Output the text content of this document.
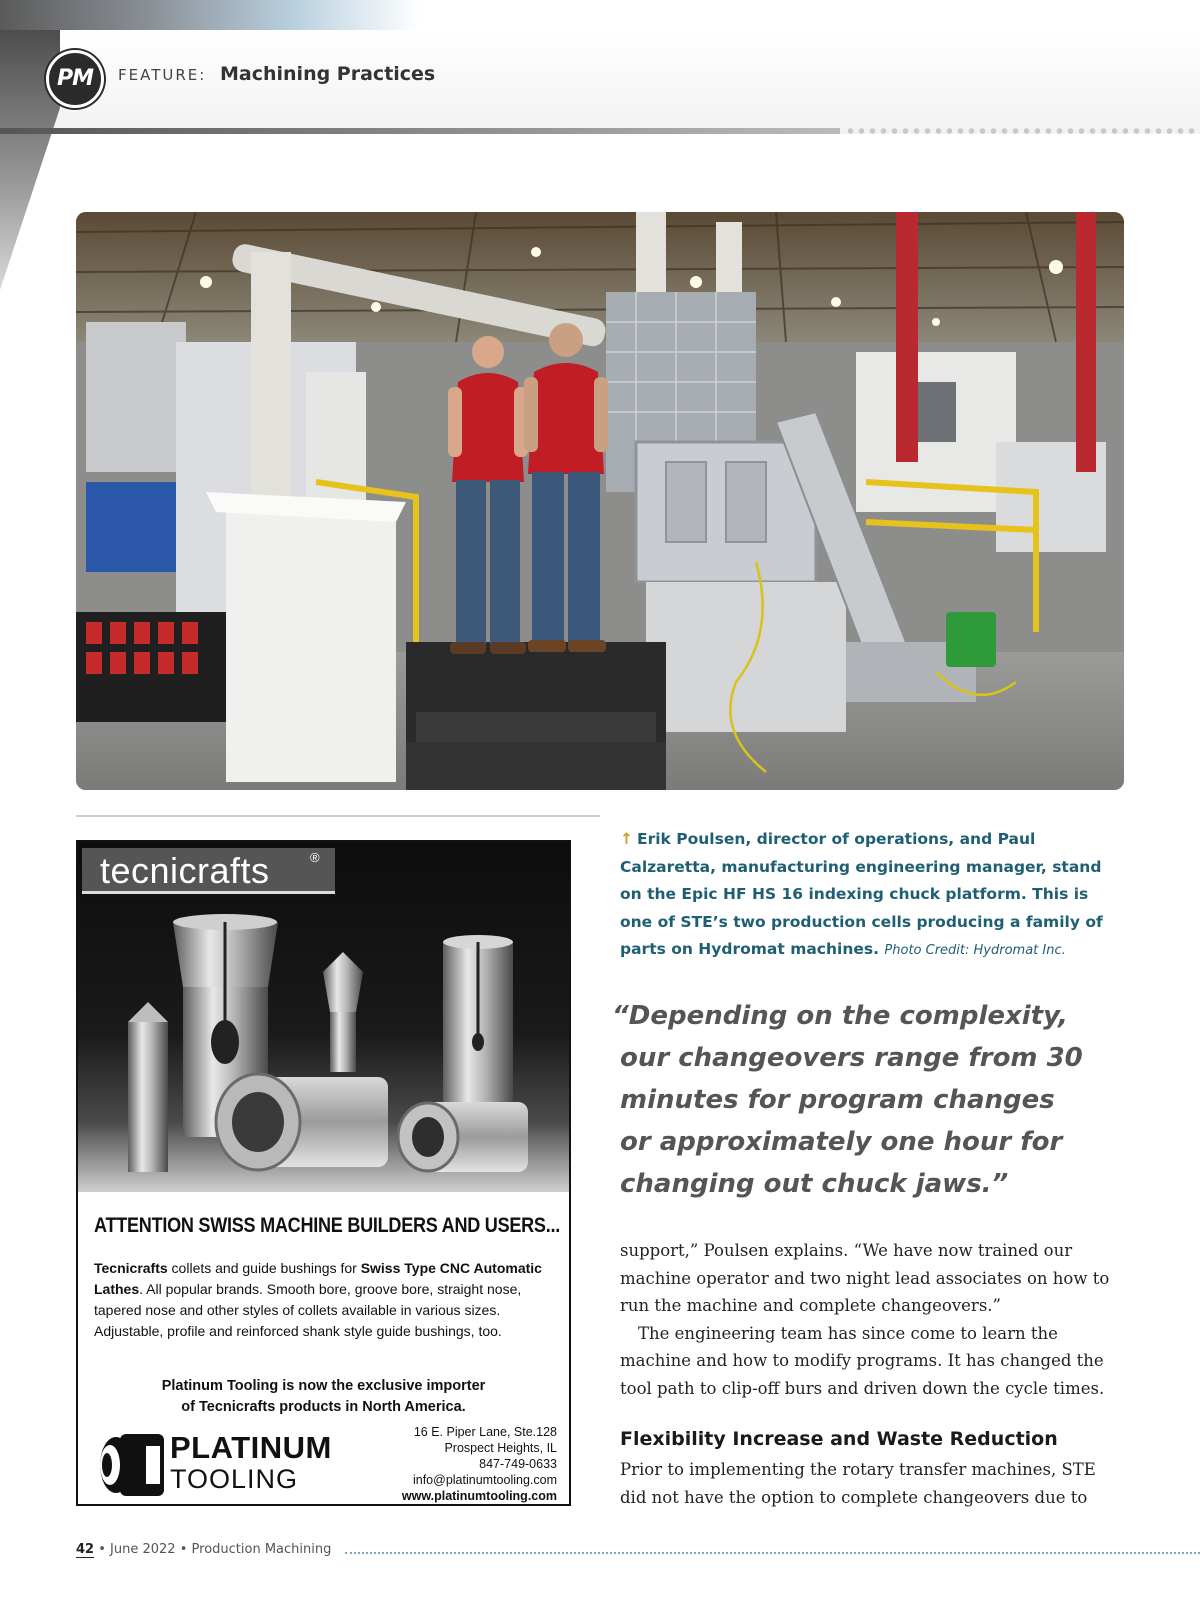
PM	FEATURE: Machining Practices
tecnicrafts	®
ATTENTION SWISS MACHINE BUILDERS AND USERS...
Tecnicrafts collets and guide bushings for Swiss Type CNC Automatic Lathes. All popular brands. Smooth bore, groove bore, straight nose, tapered nose and other styles of collets available in various sizes. Adjustable, profile and reinforced shank style guide bushings, too.
Platinum Tooling is now the exclusive importer
of Tecnicrafts products in North America.
PLATINUM
TOOLING
16 E. Piper Lane, Ste.128
Prospect Heights, IL
847-749-0633
info@platinumtooling.com
www.platinumtooling.com
↑ Erik Poulsen, director of operations, and Paul Calzaretta, manufacturing engineering manager, stand on the Epic HF HS 16 indexing chuck platform. This is one of STE’s two production cells producing a family of parts on Hydromat machines. Photo Credit: Hydromat Inc.
“Depending on the complexity,
our changeovers range from 30
minutes for program changes
or approximately one hour for
changing out chuck jaws.”
support,” Poulsen explains. “We have now trained our machine operator and two night lead associates on how to run the machine and complete changeovers.”
The engineering team has since come to learn the machine and how to modify programs. It has changed the tool path to clip-off burs and driven down the cycle times.
Flexibility Increase and Waste Reduction
Prior to implementing the rotary transfer machines, STE did not have the option to complete changeovers due to
42 • June 2022 • Production Machining
